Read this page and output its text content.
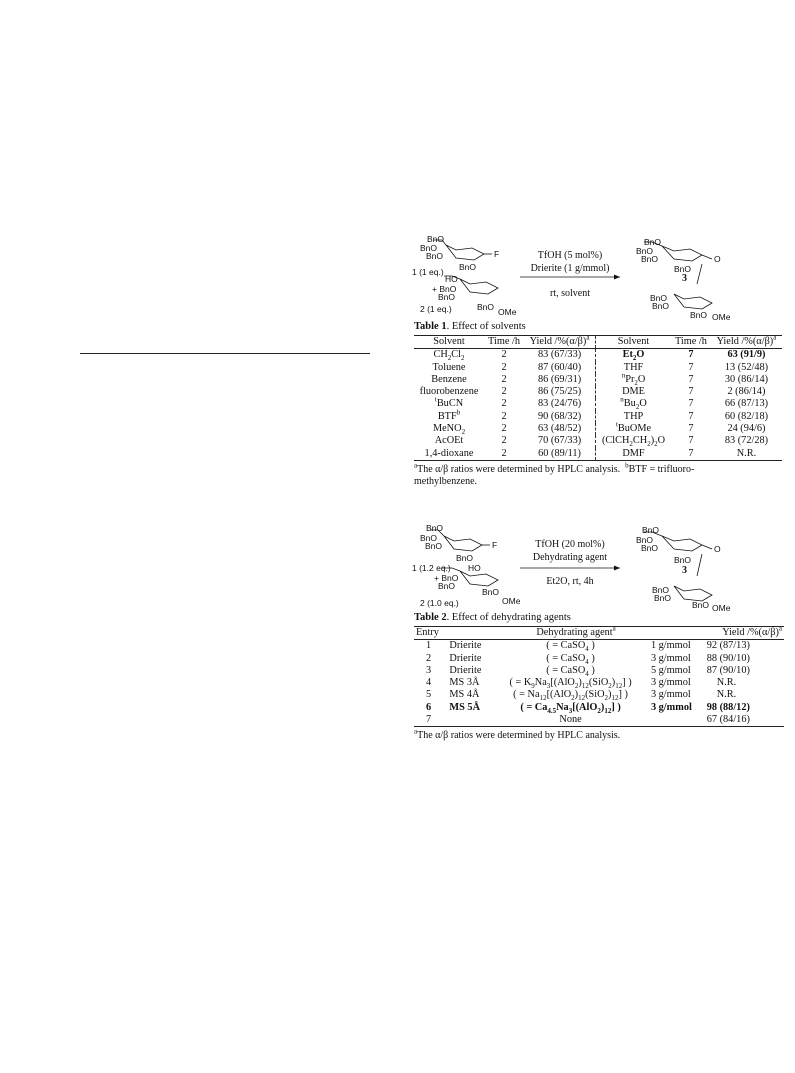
BnO
BnO
BnO
BnO
F
1 (1 eq.)
HO
+ BnO
BnO
BnO OMe
2 (1 eq.)
TfOH (5 mol%)
Drierite (1 g/mmol)
rt, solvent
BnO
BnO
BnO
BnO
O
3
BnO
BnO
BnO OMe
Table 1. Effect of solvents
Solvent	Time /h	Yield $/\%(\alpha/\beta)^a$	Solvent	Time /h	Yield $/\%(\alpha/\beta)^a$
$CH_2Cl_2$	2	83 (67/33)	$Et_2O$	7	63 (91/9)
Toluene	2	87 (60/40)	THF	7	13 (52/48)
Benzene	2	86 (69/31)	$^nPr_2O$	7	30 (86/14)
fluorobenzene	2	86 (75/25)	DME	7	2 (86/14)
$^t$BuCN	2	83 (24/76)	$^nBu_2O$	7	66 (87/13)
BTF$^b$	2	90 (68/32)	THP	7	60 (82/18)
MeNO$_2$	2	63 (48/52)	$^t$BuOMe	7	24 (94/6)
AcOEt	2	70 (67/33)	$(ClCH_2CH_2)_2O$	7	83 (72/28)
1,4-dioxane	2	60 (89/11)	DMF	7	N.R.
$^a$The α/β ratios were determined by HPLC analysis.  $^b$BTF = trifluoro-
methylbenzene.
BnO
BnO
BnO
BnO
F
1 (1.2 eq.) HO
+ BnO
BnO
BnO
OMe
2 (1.0 eq.)
TfOH (20 mol%)
Dehydrating agent
Et2O, rt, 4h
BnO
BnO
BnO
BnO
O
3
BnO
BnO
BnO OMe
Table 2. Effect of dehydrating agents
Entry	Dehydrating agent$^a$			Yield $/\%(\alpha/\beta)^a$
1	Drierite	( = CaSO$_4$ )	1 g/mmol	92 (87/13)
2	Drierite	( = CaSO$_4$ )	3 g/mmol	88 (90/10)
3	Drierite	( = CaSO$_4$ )	5 g/mmol	87 (90/10)
4	MS 3Å	( = $K_9Na_3[(AlO_2)_{12}(SiO_2)_{12}]$ )	3 g/mmol	N.R.
5	MS 4Å	( = $Na_{12}[(AlO_2)_{12}(SiO_2)_{12}]$ )	3 g/mmol	N.R.
6	MS 5Å	( = $Ca_{4.5}Na_3[(AlO_2)_{12}]$ )	3 g/mmol	98 (88/12)
7		None		67 (84/16)
$^a$The α/β ratios were determined by HPLC analysis.
